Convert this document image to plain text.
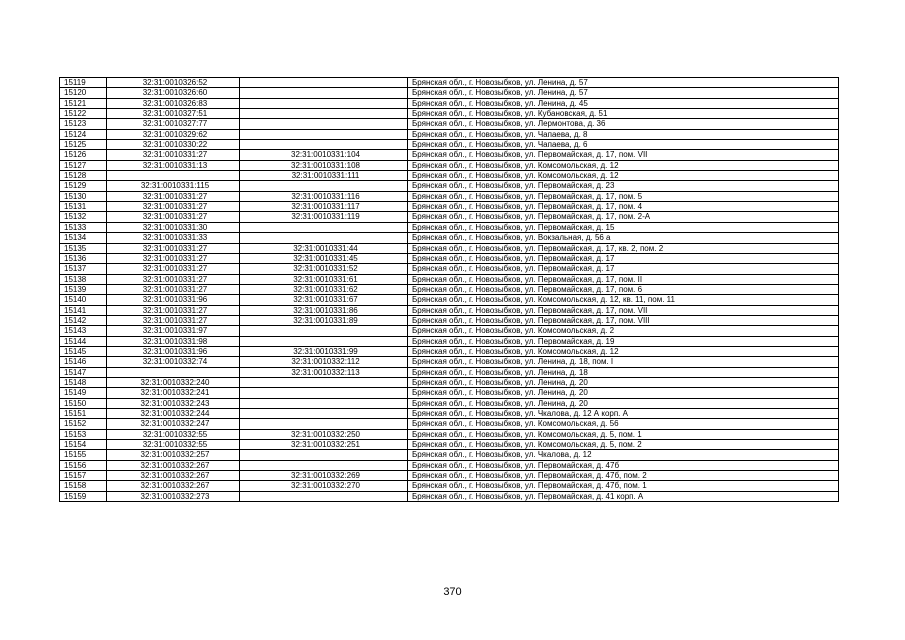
15119	32:31:0010326:52		Брянская обл., г. Новозыбков, ул. Ленина, д. 57
15120	32:31:0010326:60		Брянская обл., г. Новозыбков, ул. Ленина, д. 57
15121	32:31:0010326:83		Брянская обл., г. Новозыбков, ул. Ленина, д. 45
15122	32:31:0010327:51		Брянская обл., г. Новозыбков, ул. Кубановская, д. 51
15123	32:31:0010327:77		Брянская обл., г. Новозыбков, ул. Лермонтова, д. 36
15124	32:31:0010329:62		Брянская обл., г. Новозыбков, ул. Чапаева, д. 8
15125	32:31:0010330:22		Брянская обл., г. Новозыбков, ул. Чапаева, д. 6
15126	32:31:0010331:27	32:31:0010331:104	Брянская обл., г. Новозыбков, ул. Первомайская, д. 17, пом. VII
15127	32:31:0010331:13	32:31:0010331:108	Брянская обл., г. Новозыбков, ул. Комсомольская, д. 12
15128		32:31:0010331:111	Брянская обл., г. Новозыбков, ул. Комсомольская, д. 12
15129	32:31:0010331:115		Брянская обл., г. Новозыбков, ул. Первомайская, д. 23
15130	32:31:0010331:27	32:31:0010331:116	Брянская обл., г. Новозыбков, ул. Первомайская, д. 17, пом. 5
15131	32:31:0010331:27	32:31:0010331:117	Брянская обл., г. Новозыбков, ул. Первомайская, д. 17, пом. 4
15132	32:31:0010331:27	32:31:0010331:119	Брянская обл., г. Новозыбков, ул. Первомайская, д. 17, пом. 2-А
15133	32:31:0010331:30		Брянская обл., г. Новозыбков, ул. Первомайская, д. 15
15134	32:31:0010331:33		Брянская обл., г. Новозыбков, ул. Вокзальная, д. 56 а
15135	32:31:0010331:27	32:31:0010331:44	Брянская обл., г. Новозыбков, ул. Первомайская, д. 17, кв. 2, пом. 2
15136	32:31:0010331:27	32:31:0010331:45	Брянская обл., г. Новозыбков, ул. Первомайская, д. 17
15137	32:31:0010331:27	32:31:0010331:52	Брянская обл., г. Новозыбков, ул. Первомайская, д. 17
15138	32:31:0010331:27	32:31:0010331:61	Брянская обл., г. Новозыбков, ул. Первомайская, д. 17, пом. II
15139	32:31:0010331:27	32:31:0010331:62	Брянская обл., г. Новозыбков, ул. Первомайская, д. 17, пом. 6
15140	32:31:0010331:96	32:31:0010331:67	Брянская обл., г. Новозыбков, ул. Комсомольская, д. 12, кв. 11, пом. 11
15141	32:31:0010331:27	32:31:0010331:86	Брянская обл., г. Новозыбков, ул. Первомайская, д. 17, пом. VII
15142	32:31:0010331:27	32:31:0010331:89	Брянская обл., г. Новозыбков, ул. Первомайская, д. 17, пом. VIII
15143	32:31:0010331:97		Брянская обл., г. Новозыбков, ул. Комсомольская, д. 2
15144	32:31:0010331:98		Брянская обл., г. Новозыбков, ул. Первомайская, д. 19
15145	32:31:0010331:96	32:31:0010331:99	Брянская обл., г. Новозыбков, ул. Комсомольская, д. 12
15146	32:31:0010332:74	32:31:0010332:112	Брянская обл., г. Новозыбков, ул. Ленина, д. 18, пом. I
15147		32:31:0010332:113	Брянская обл., г. Новозыбков, ул. Ленина, д. 18
15148	32:31:0010332:240		Брянская обл., г. Новозыбков, ул. Ленина, д. 20
15149	32:31:0010332:241		Брянская обл., г. Новозыбков, ул. Ленина, д. 20
15150	32:31:0010332:243		Брянская обл., г. Новозыбков, ул. Ленина, д. 20
15151	32:31:0010332:244		Брянская обл., г. Новозыбков, ул. Чкалова, д. 12 А корп. А
15152	32:31:0010332:247		Брянская обл., г. Новозыбков, ул. Комсомольская, д. 56
15153	32:31:0010332:55	32:31:0010332:250	Брянская обл., г. Новозыбков, ул. Комсомольская, д. 5, пом. 1
15154	32:31:0010332:55	32:31:0010332:251	Брянская обл., г. Новозыбков, ул. Комсомольская, д. 5, пом. 2
15155	32:31:0010332:257		Брянская обл., г. Новозыбков, ул. Чкалова, д. 12
15156	32:31:0010332:267		Брянская обл., г. Новозыбков, ул. Первомайская, д. 47б
15157	32:31:0010332:267	32:31:0010332:269	Брянская обл., г. Новозыбков, ул. Первомайская, д. 47б, пом. 2
15158	32:31:0010332:267	32:31:0010332:270	Брянская обл., г. Новозыбков, ул. Первомайская, д. 47б, пом. 1
15159	32:31:0010332:273		Брянская обл., г. Новозыбков, ул. Первомайская, д. 41 корп. А
370
